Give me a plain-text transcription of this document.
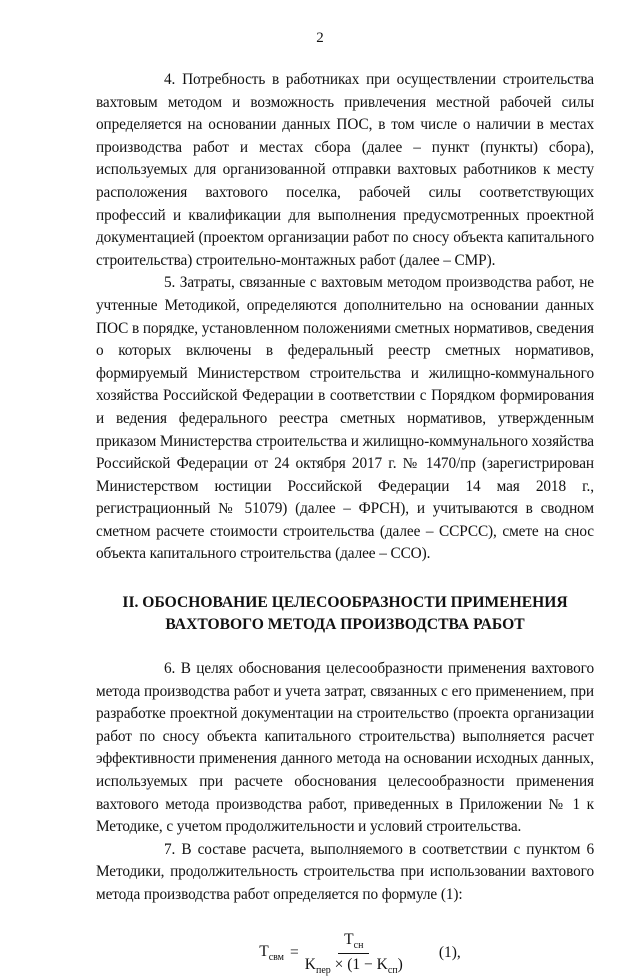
2

4. Потребность в работниках при осуществлении строительства вахтовым методом и возможность привлечения местной рабочей силы определяется на основании данных ПОС, в том числе о наличии в местах производства работ и местах сбора (далее – пункт (пункты) сбора), используемых для организованной отправки вахтовых работников к месту расположения вахтового поселка, рабочей силы соответствующих профессий и квалификации для выполнения предусмотренных проектной документацией (проектом организации работ по сносу объекта капитального строительства) строительно-монтажных работ (далее – СМР).

5. Затраты, связанные с вахтовым методом производства работ, не учтенные Методикой, определяются дополнительно на основании данных ПОС в порядке, установленном положениями сметных нормативов, сведения о которых включены в федеральный реестр сметных нормативов, формируемый Министерством строительства и жилищно-коммунального хозяйства Российской Федерации в соответствии с Порядком формирования и ведения федерального реестра сметных нормативов, утвержденным приказом Министерства строительства и жилищно-коммунального хозяйства Российской Федерации от 24 октября 2017 г. № 1470/пр (зарегистрирован Министерством юстиции Российской Федерации 14 мая 2018 г., регистрационный № 51079) (далее – ФРСН), и учитываются в сводном сметном расчете стоимости строительства (далее – ССРСС), смете на снос объекта капитального строительства (далее – ССО).

II. ОБОСНОВАНИЕ ЦЕЛЕСООБРАЗНОСТИ ПРИМЕНЕНИЯ
ВАХТОВОГО МЕТОДА ПРОИЗВОДСТВА РАБОТ

6. В целях обоснования целесообразности применения вахтового метода производства работ и учета затрат, связанных с его применением, при разработке проектной документации на строительство (проекта организации работ по сносу объекта капитального строительства) выполняется расчет эффективности применения данного метода на основании исходных данных, используемых при расчете обоснования целесообразности применения вахтового метода производства работ, приведенных в Приложении № 1 к Методике, с учетом продолжительности и условий строительства.

7. В составе расчета, выполняемого в соответствии с пунктом 6 Методики, продолжительность строительства при использовании вахтового метода производства работ определяется по формуле (1):

$T_{свм} = \frac{T_{сн}}{K_{пер} \times (1 - K_{сп})} (1)$,
